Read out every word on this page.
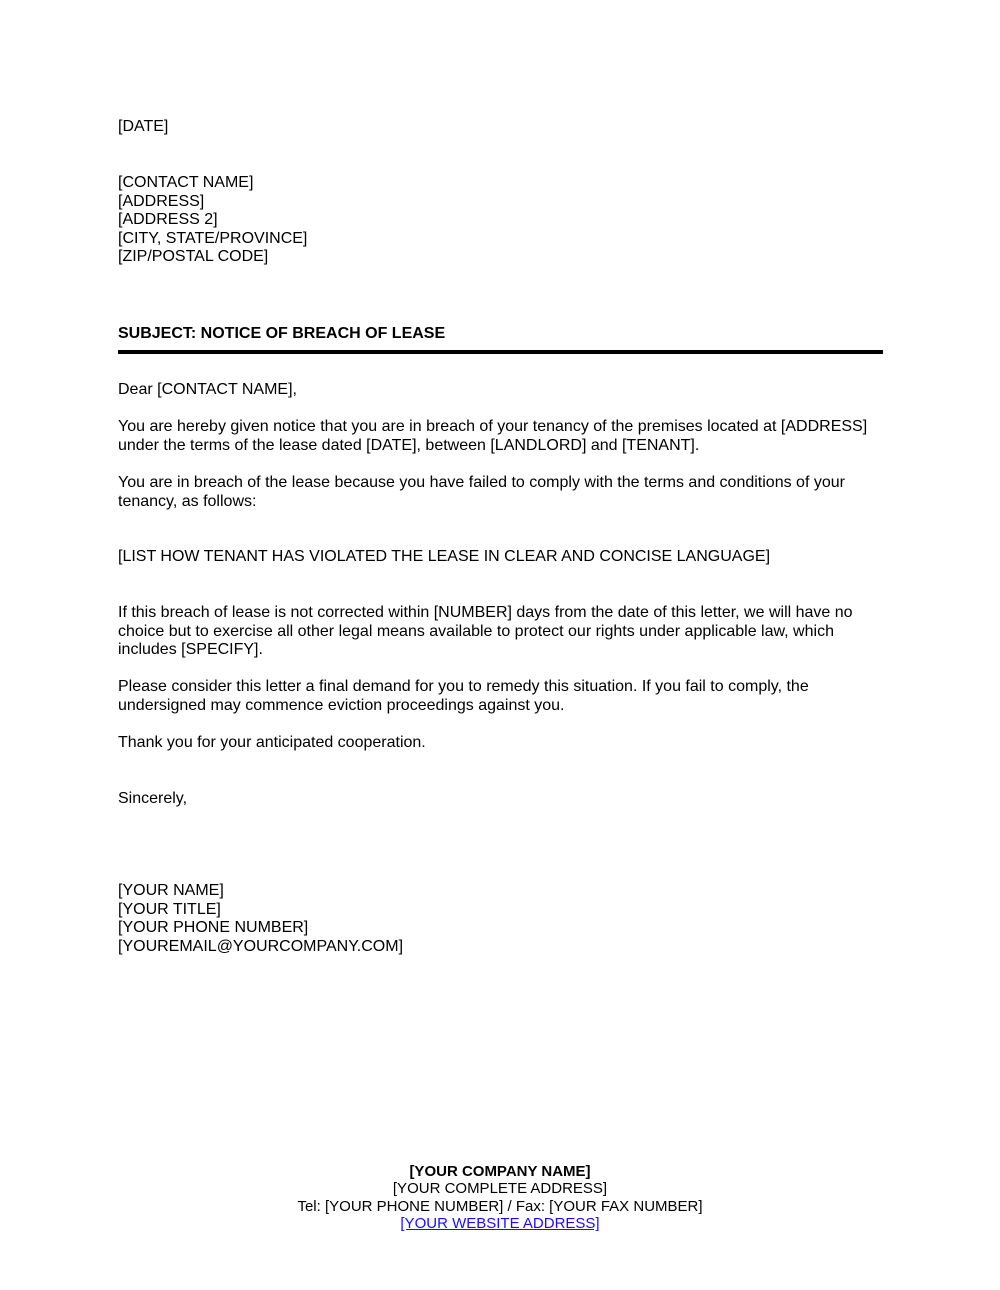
[DATE]
[CONTACT NAME]
[ADDRESS]
[ADDRESS 2]
[CITY, STATE/PROVINCE]
[ZIP/POSTAL CODE]
SUBJECT: NOTICE OF BREACH OF LEASE
Dear [CONTACT NAME],
You are hereby given notice that you are in breach of your tenancy of the premises located at [ADDRESS]
under the terms of the lease dated [DATE], between [LANDLORD] and [TENANT].
You are in breach of the lease because you have failed to comply with the terms and conditions of your
tenancy, as follows:
[LIST HOW TENANT HAS VIOLATED THE LEASE IN CLEAR AND CONCISE LANGUAGE]
If this breach of lease is not corrected within [NUMBER] days from the date of this letter, we will have no
choice but to exercise all other legal means available to protect our rights under applicable law, which
includes [SPECIFY].
Please consider this letter a final demand for you to remedy this situation. If you fail to comply, the
undersigned may commence eviction proceedings against you.
Thank you for your anticipated cooperation.
Sincerely,
[YOUR NAME]
[YOUR TITLE]
[YOUR PHONE NUMBER]
[YOUREMAIL@YOURCOMPANY.COM]
[YOUR COMPANY NAME]
[YOUR COMPLETE ADDRESS]
Tel: [YOUR PHONE NUMBER] / Fax: [YOUR FAX NUMBER]
[YOUR WEBSITE ADDRESS]
